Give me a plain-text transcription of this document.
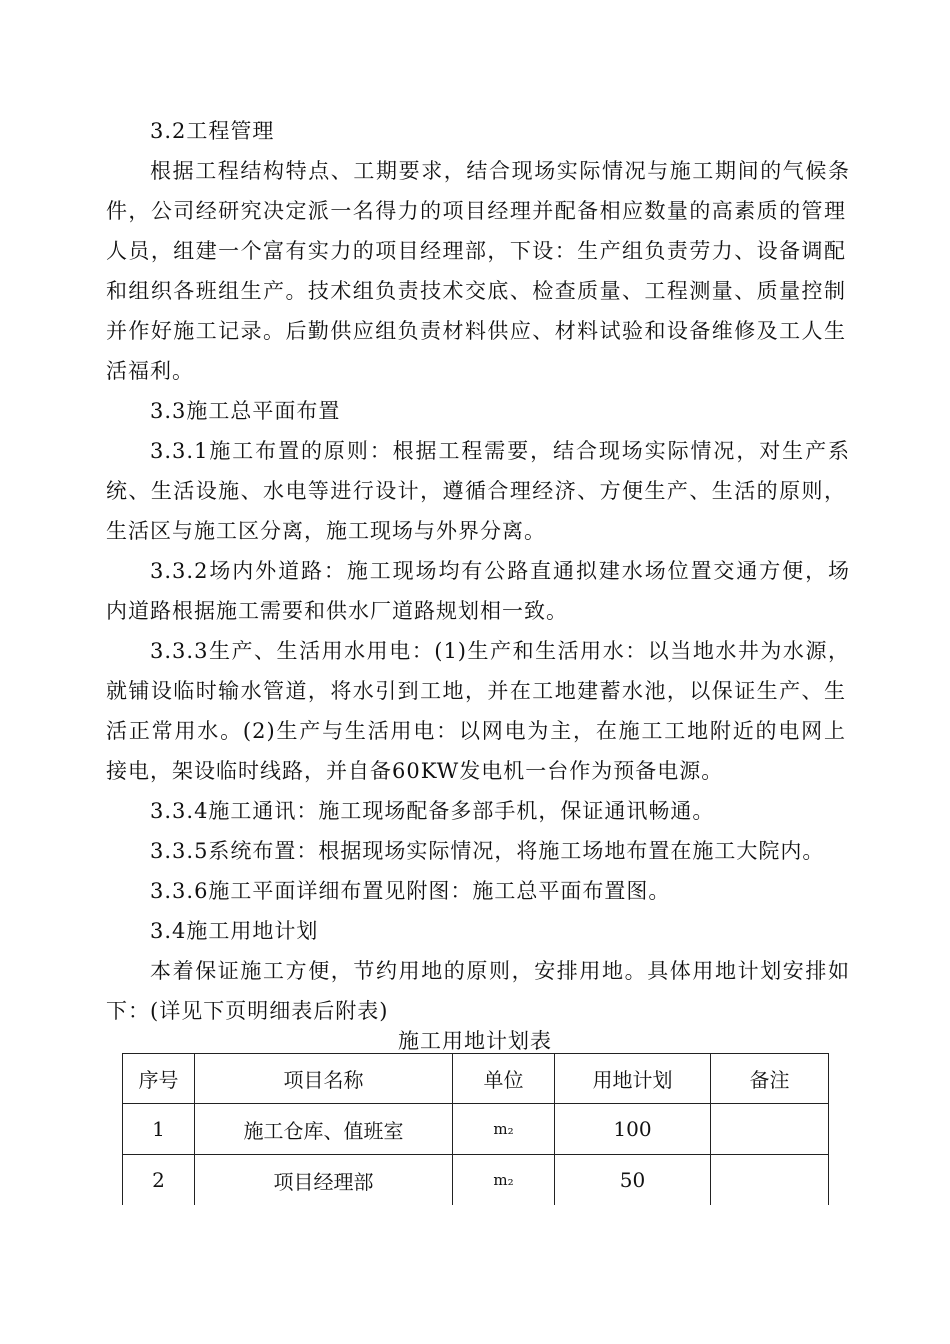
3.2工程管理
根据工程结构特点、工期要求，结合现场实际情况与施工期间的气候条
件，公司经研究决定派一名得力的项目经理并配备相应数量的高素质的管理
人员，组建一个富有实力的项目经理部，下设：生产组负责劳力、设备调配
和组织各班组生产。技术组负责技术交底、检查质量、工程测量、质量控制
并作好施工记录。后勤供应组负责材料供应、材料试验和设备维修及工人生
活福利。
3.3施工总平面布置
3.3.1施工布置的原则：根据工程需要，结合现场实际情况，对生产系
统、生活设施、水电等进行设计，遵循合理经济、方便生产、生活的原则，
生活区与施工区分离，施工现场与外界分离。
3.3.2场内外道路：施工现场均有公路直通拟建水场位置交通方便，场
内道路根据施工需要和供水厂道路规划相一致。
3.3.3生产、生活用水用电：(1)生产和生活用水：以当地水井为水源，
就铺设临时输水管道，将水引到工地，并在工地建蓄水池，以保证生产、生
活正常用水。(2)生产与生活用电：以网电为主，在施工工地附近的电网上
接电，架设临时线路，并自备60KW发电机一台作为预备电源。
3.3.4施工通讯：施工现场配备多部手机，保证通讯畅通。
3.3.5系统布置：根据现场实际情况，将施工场地布置在施工大院内。
3.3.6施工平面详细布置见附图：施工总平面布置图。
3.4施工用地计划
本着保证施工方便，节约用地的原则，安排用地。具体用地计划安排如
下：(详见下页明细表后附表)
施工用地计划表
序号	项目名称	单位	用地计划	备注
1	施工仓库、值班室	m₂	100	
2	项目经理部	m₂	50	
